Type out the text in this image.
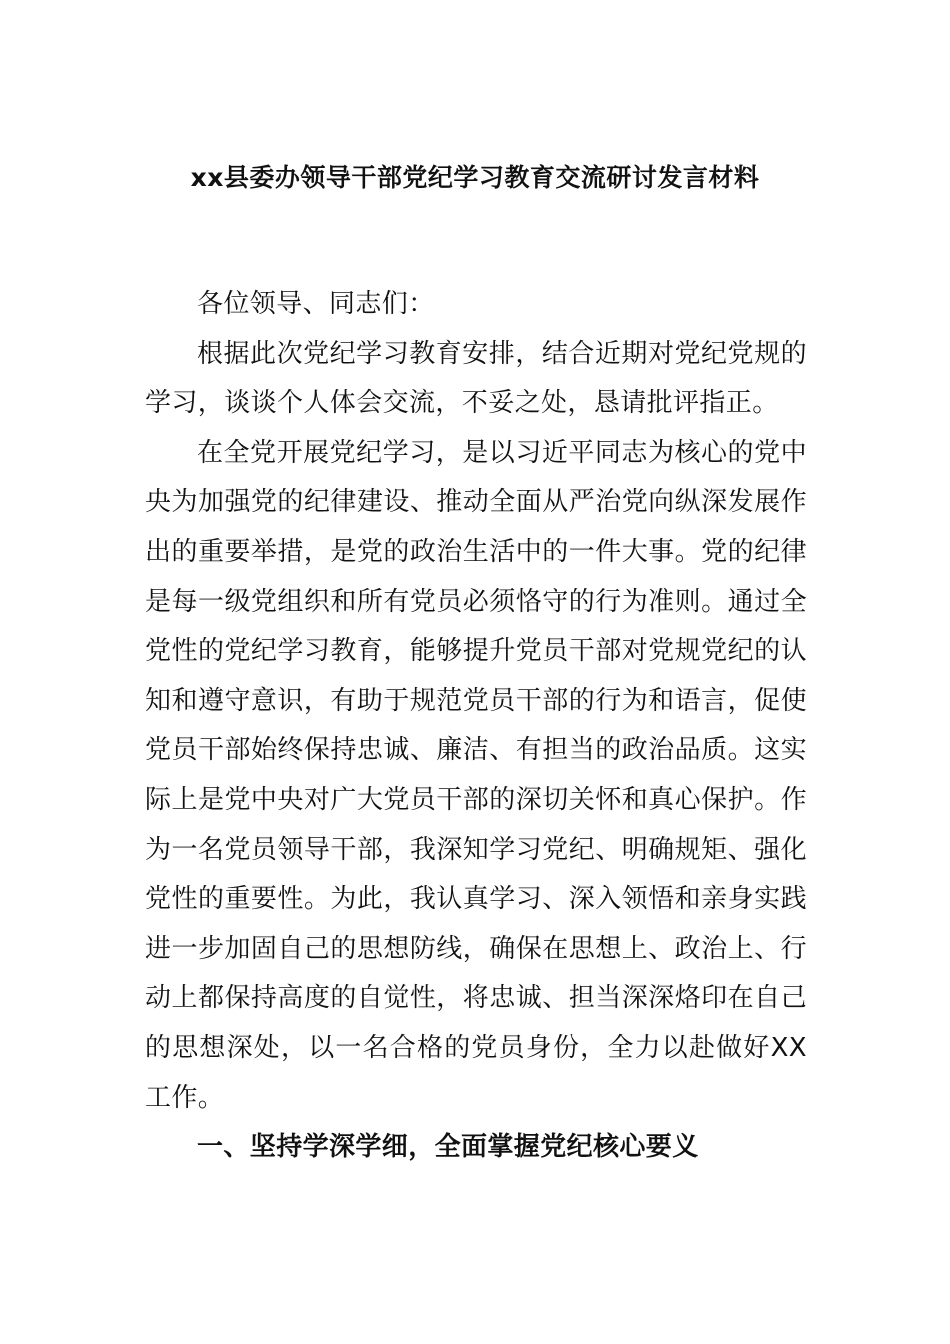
xx县委办领导干部党纪学习教育交流研讨发言材料

各位领导、同志们：

根据此次党纪学习教育安排，结合近期对党纪党规的学习，谈谈个人体会交流，不妥之处，恳请批评指正。

在全党开展党纪学习，是以习近平同志为核心的党中央为加强党的纪律建设、推动全面从严治党向纵深发展作出的重要举措，是党的政治生活中的一件大事。党的纪律是每一级党组织和所有党员必须恪守的行为准则。通过全党性的党纪学习教育，能够提升党员干部对党规党纪的认知和遵守意识，有助于规范党员干部的行为和语言，促使党员干部始终保持忠诚、廉洁、有担当的政治品质。这实际上是党中央对广大党员干部的深切关怀和真心保护。作为一名党员领导干部，我深知学习党纪、明确规矩、强化党性的重要性。为此，我认真学习、深入领悟和亲身实践进一步加固自己的思想防线，确保在思想上、政治上、行动上都保持高度的自觉性，将忠诚、担当深深烙印在自己的思想深处，以一名合格的党员身份，全力以赴做好XX工作。

一、坚持学深学细，全面掌握党纪核心要义
